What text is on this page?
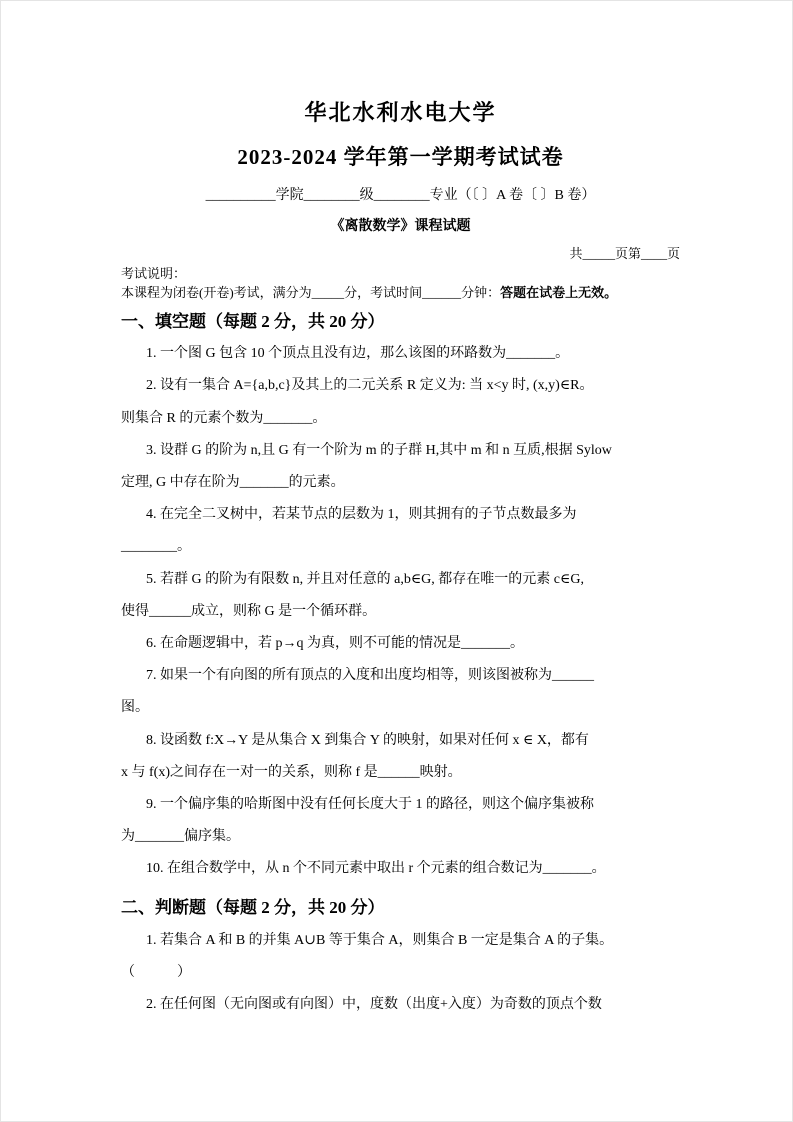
华北水利水电大学
2023-2024 学年第一学期考试试卷
__________学院________级________专业（〔 〕A 卷〔 〕B 卷）
《离散数学》课程试题
共_____页第____页
考试说明：
本课程为闭卷(开卷)考试，满分为_____分，考试时间______分钟：答题在试卷上无效。
一、填空题（每题 2 分，共 20 分）
1. 一个图 G 包含 10 个顶点且没有边，那么该图的环路数为_______。
2. 设有一集合 A={a,b,c}及其上的二元关系 R 定义为: 当 x<y 时, (x,y)∈R。
则集合 R 的元素个数为_______。
3. 设群 G 的阶为 n,且 G 有一个阶为 m 的子群 H,其中 m 和 n 互质,根据 Sylow
定理, G 中存在阶为_______的元素。
4. 在完全二叉树中，若某节点的层数为 1，则其拥有的子节点数最多为
________。
5. 若群 G 的阶为有限数 n, 并且对任意的 a,b∈G, 都存在唯一的元素 c∈G,
使得______成立，则称 G 是一个循环群。
6. 在命题逻辑中，若 p→q 为真，则不可能的情况是_______。
7. 如果一个有向图的所有顶点的入度和出度均相等，则该图被称为______
图。
8. 设函数 f:X→Y 是从集合 X 到集合 Y 的映射，如果对任何 x ∈ X，都有
x 与 f(x)之间存在一对一的关系，则称 f 是______映射。
9. 一个偏序集的哈斯图中没有任何长度大于 1 的路径，则这个偏序集被称
为_______偏序集。
10. 在组合数学中，从 n 个不同元素中取出 r 个元素的组合数记为_______。
二、判断题（每题 2 分，共 20 分）
1. 若集合 A 和 B 的并集 A∪B 等于集合 A，则集合 B 一定是集合 A 的子集。
（　　　）
2. 在任何图（无向图或有向图）中，度数（出度+入度）为奇数的顶点个数
